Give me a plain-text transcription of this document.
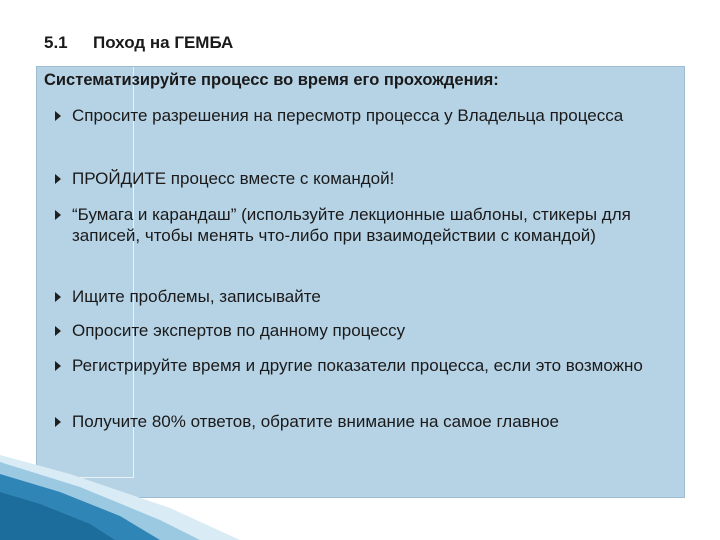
5.1	Поход на ГЕМБА
Систематизируйте процесс во время его прохождения:
Спросите разрешения на пересмотр процесса у Владельца процесса
ПРОЙДИТЕ процесс вместе с командой!
“Бумага и карандаш” (используйте лекционные шаблоны, стикеры для записей, чтобы менять что-либо при взаимодействии с командой)
Ищите проблемы, записывайте
Опросите экспертов по данному процессу
Регистрируйте время и другие показатели процесса, если это возможно
Получите 80% ответов, обратите внимание на самое главное
